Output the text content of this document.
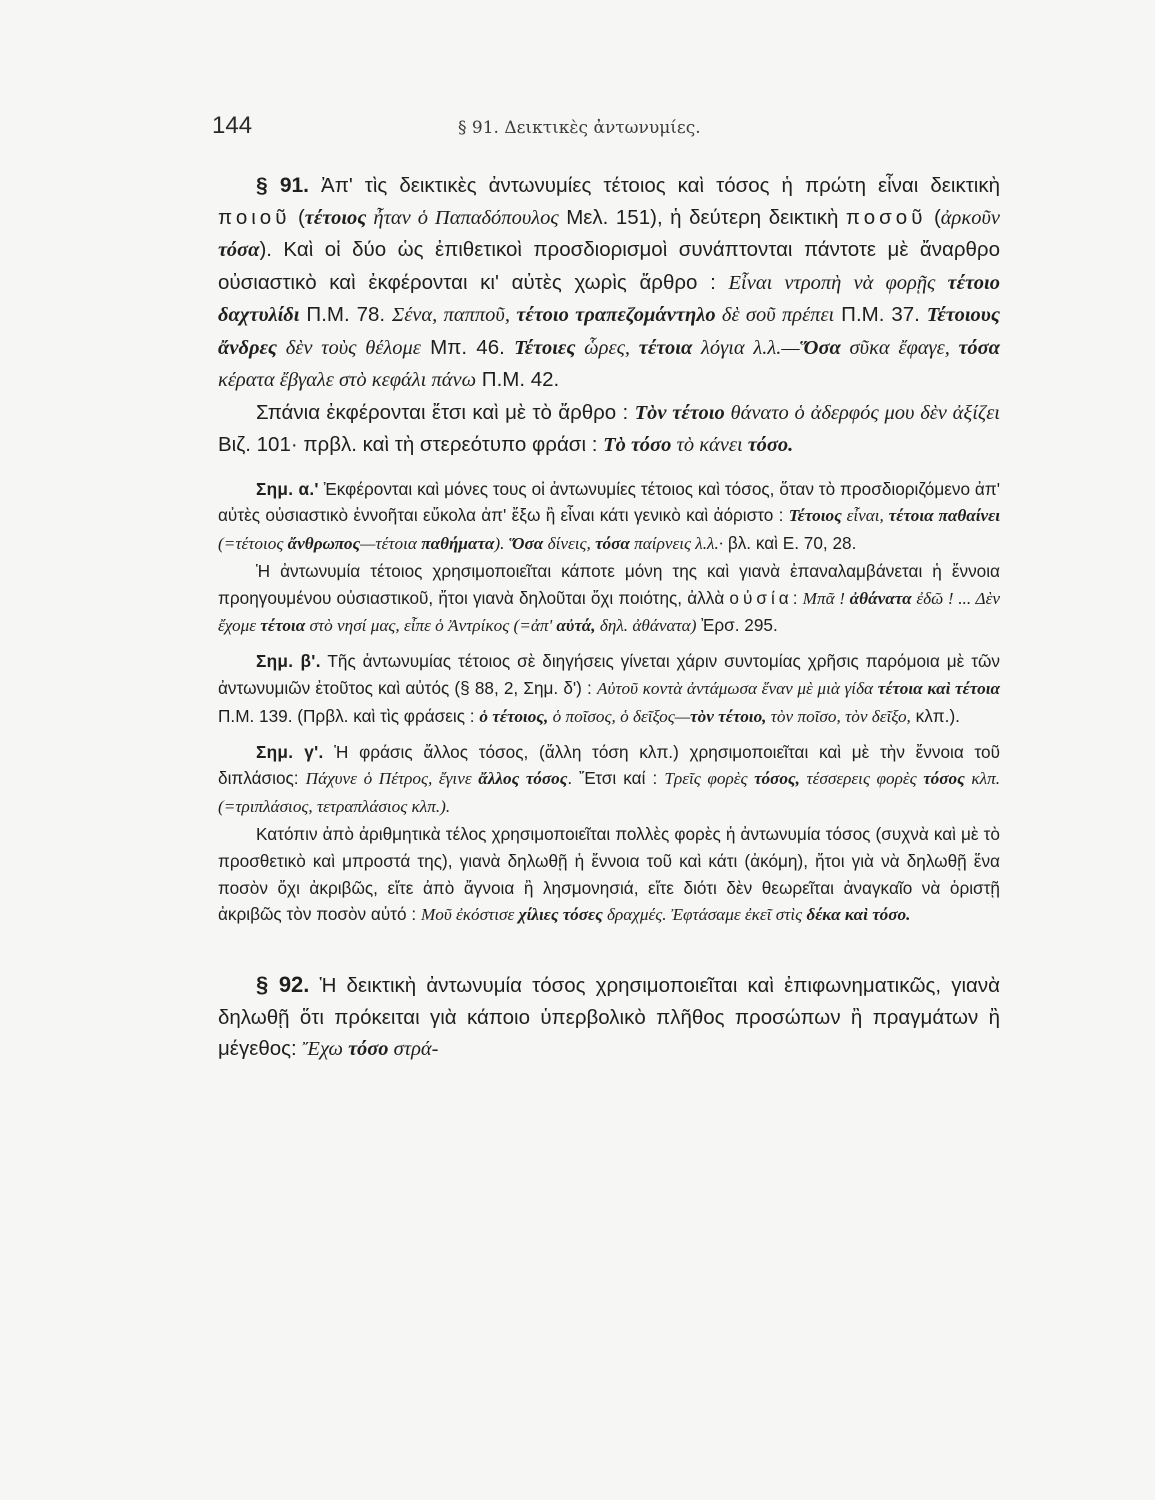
144	§ 91. Δεικτικὲς ἀντωνυμίες.

§ 91. Ἀπ' τὶς δεικτικὲς ἀντωνυμίες τέτοιος καὶ τόσος ἡ πρώτη εἶναι δεικτικὴ ποιοῦ (τέτοιος ἦταν ὁ Παπαδόπουλος Μελ. 151), ἡ δεύτερη δεικτικὴ ποσοῦ (ἀρκοῦν τόσα). Καὶ οἱ δύο ὡς ἐπιθετικοὶ προσδιορισμοὶ συνάπτονται πάντοτε μὲ ἄναρθρο οὐσιαστικὸ καὶ ἐκφέρονται κι' αὐτὲς χωρὶς ἄρθρο : Εἶναι ντροπὴ νὰ φορῇς τέτοιο δαχτυλίδι Π.Μ. 78. Σένα, παπποῦ, τέτοιο τραπεζομάντηλο δὲ σοῦ πρέπει Π.Μ. 37. Τέτοιους ἄνδρες δὲν τοὺς θέλομε Μπ. 46. Τέτοιες ὧρες, τέτοια λόγια λ.λ.—Ὅσα σῦκα ἔφαγε, τόσα κέρατα ἔβγαλε στὸ κεφάλι πάνω Π.Μ. 42.

Σπάνια ἐκφέρονται ἔτσι καὶ μὲ τὸ ἄρθρο : Τὸν τέτοιο θάνατο ὁ ἀδερφός μου δὲν ἀξίζει Βιζ. 101· πρβλ. καὶ τὴ στερεότυπο φράσι : Τὸ τόσο τὸ κάνει τόσο.

Σημ. α.' Ἐκφέρονται καὶ μόνες τους οἱ ἀντωνυμίες τέτοιος καὶ τόσος, ὅταν τὸ προσδιοριζόμενο ἀπ' αὐτὲς οὐσιαστικὸ ἐννοῆται εὔκολα ἀπ' ἔξω ἢ εἶναι κάτι γενικὸ καὶ ἀόριστο : Τέτοιος εἶναι, τέτοια παθαίνει (=τέτοιος ἄνθρωπος—τέτοια παθήματα). Ὅσα δίνεις, τόσα παίρνεις λ.λ.· βλ. καὶ Ε. 70, 28.

Ἡ ἀντωνυμία τέτοιος χρησιμοποιεῖται κάποτε μόνη της καὶ γιανὰ ἐπαναλαμβάνεται ἡ ἔννοια προηγουμένου οὐσιαστικοῦ, ἤτοι γιανὰ δηλοῦται ὄχι ποιότης, ἀλλὰ οὐσία: Μπᾶ ! ἀθάνατα ἐδῶ ! ... Δὲν ἔχομε τέτοια στὸ νησί μας, εἶπε ὁ Ἀντρίκος (=ἀπ' αὐτά, δηλ. ἀθάνατα) Ἐρσ. 295.

Σημ. β'. Τῆς ἀντωνυμίας τέτοιος σὲ διηγήσεις γίνεται χάριν συντομίας χρῆσις παρόμοια μὲ τῶν ἀντωνυμιῶν ἐτοῦτος καὶ αὐτός (§ 88, 2, Σημ. δ') : Αὐτοῦ κοντὰ ἀντάμωσα ἕναν μὲ μιὰ γίδα τέτοια καὶ τέτοια Π.Μ. 139. (Πρβλ. καὶ τὶς φράσεις : ὁ τέτοιος, ὁ ποῖσος, ὁ δεῖξος—τὸν τέτοιο, τὸν ποῖσο, τὸν δεῖξο, κλπ.).

Σημ. γ'. Ἡ φράσις ἄλλος τόσος, (ἄλλη τόση κλπ.) χρησιμοποιεῖται καὶ μὲ τὴν ἔννοια τοῦ διπλάσιος: Πάχυνε ὁ Πέτρος, ἔγινε ἄλλος τόσος. Ἔτσι καί : Τρεῖς φορὲς τόσος, τέσσερεις φορὲς τόσος κλπ. (=τριπλάσιος, τετραπλάσιος κλπ.).

Κατόπιν ἀπὸ ἀριθμητικὰ τέλος χρησιμοποιεῖται πολλὲς φορὲς ἡ ἀντωνυμία τόσος (συχνὰ καὶ μὲ τὸ προσθετικὸ καὶ μπροστά της), γιανὰ δηλωθῇ ἡ ἔννοια τοῦ καὶ κάτι (ἀκόμη), ἤτοι γιὰ νὰ δηλωθῇ ἕνα ποσὸν ὄχι ἀκριβῶς, εἴτε ἀπὸ ἄγνοια ἢ λησμονησιά, εἴτε διότι δὲν θεωρεῖται ἀναγκαῖο νὰ ὁριστῇ ἀκριβῶς τὸν ποσὸν αὐτό : Μοῦ ἐκόστισε χίλιες τόσες δραχμές. Ἐφτάσαμε ἐκεῖ στὶς δέκα καὶ τόσο.

§ 92. Ἡ δεικτικὴ ἀντωνυμία τόσος χρησιμοποιεῖται καὶ ἐπιφωνηματικῶς, γιανὰ δηλωθῇ ὅτι πρόκειται γιὰ κάποιο ὑπερβολικὸ πλῆθος προσώπων ἢ πραγμάτων ἢ μέγεθος: Ἔχω τόσο στρά-
